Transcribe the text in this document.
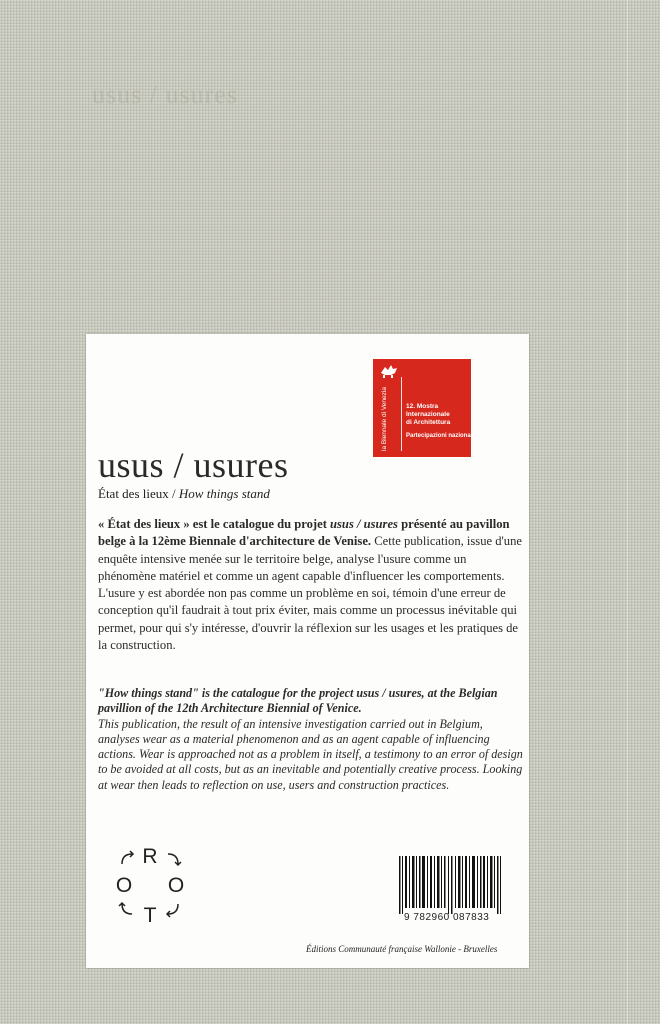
usus / usures
la Biennale di Venezia	12. Mostra
Internazionale
di Architettura
Partecipazioni nazionali
usus / usures
État des lieux / How things stand
« État des lieux » est le catalogue du projet usus / usures présenté au pavillon belge à la 12ème Biennale d'architecture de Venise. Cette publication, issue d'une enquête intensive menée sur le territoire belge, analyse l'usure comme un phénomène matériel et comme un agent capable d'influencer les comportements.
L'usure y est abordée non pas comme un problème en soi, témoin d'une erreur de conception qu'il faudrait à tout prix éviter, mais comme un processus inévitable qui permet, pour qui s'y intéresse, d'ouvrir la réflexion sur les usages et les pratiques de la construction.
"How things stand" is the catalogue for the project usus / usures, at the Belgian pavillion of the 12th Architecture Biennial of Venice.
This publication, the result of an intensive investigation carried out in Belgium, analyses wear as a material phenomenon and as an agent capable of influencing actions. Wear is approached not as a problem in itself, a testimony to an error of design to be avoided at all costs, but as an inevitable and potentially creative process. Looking at wear then leads to reflection on use, users and construction practices.
R
O O
T	9 782960 087833
Éditions Communauté française Wallonie - Bruxelles
